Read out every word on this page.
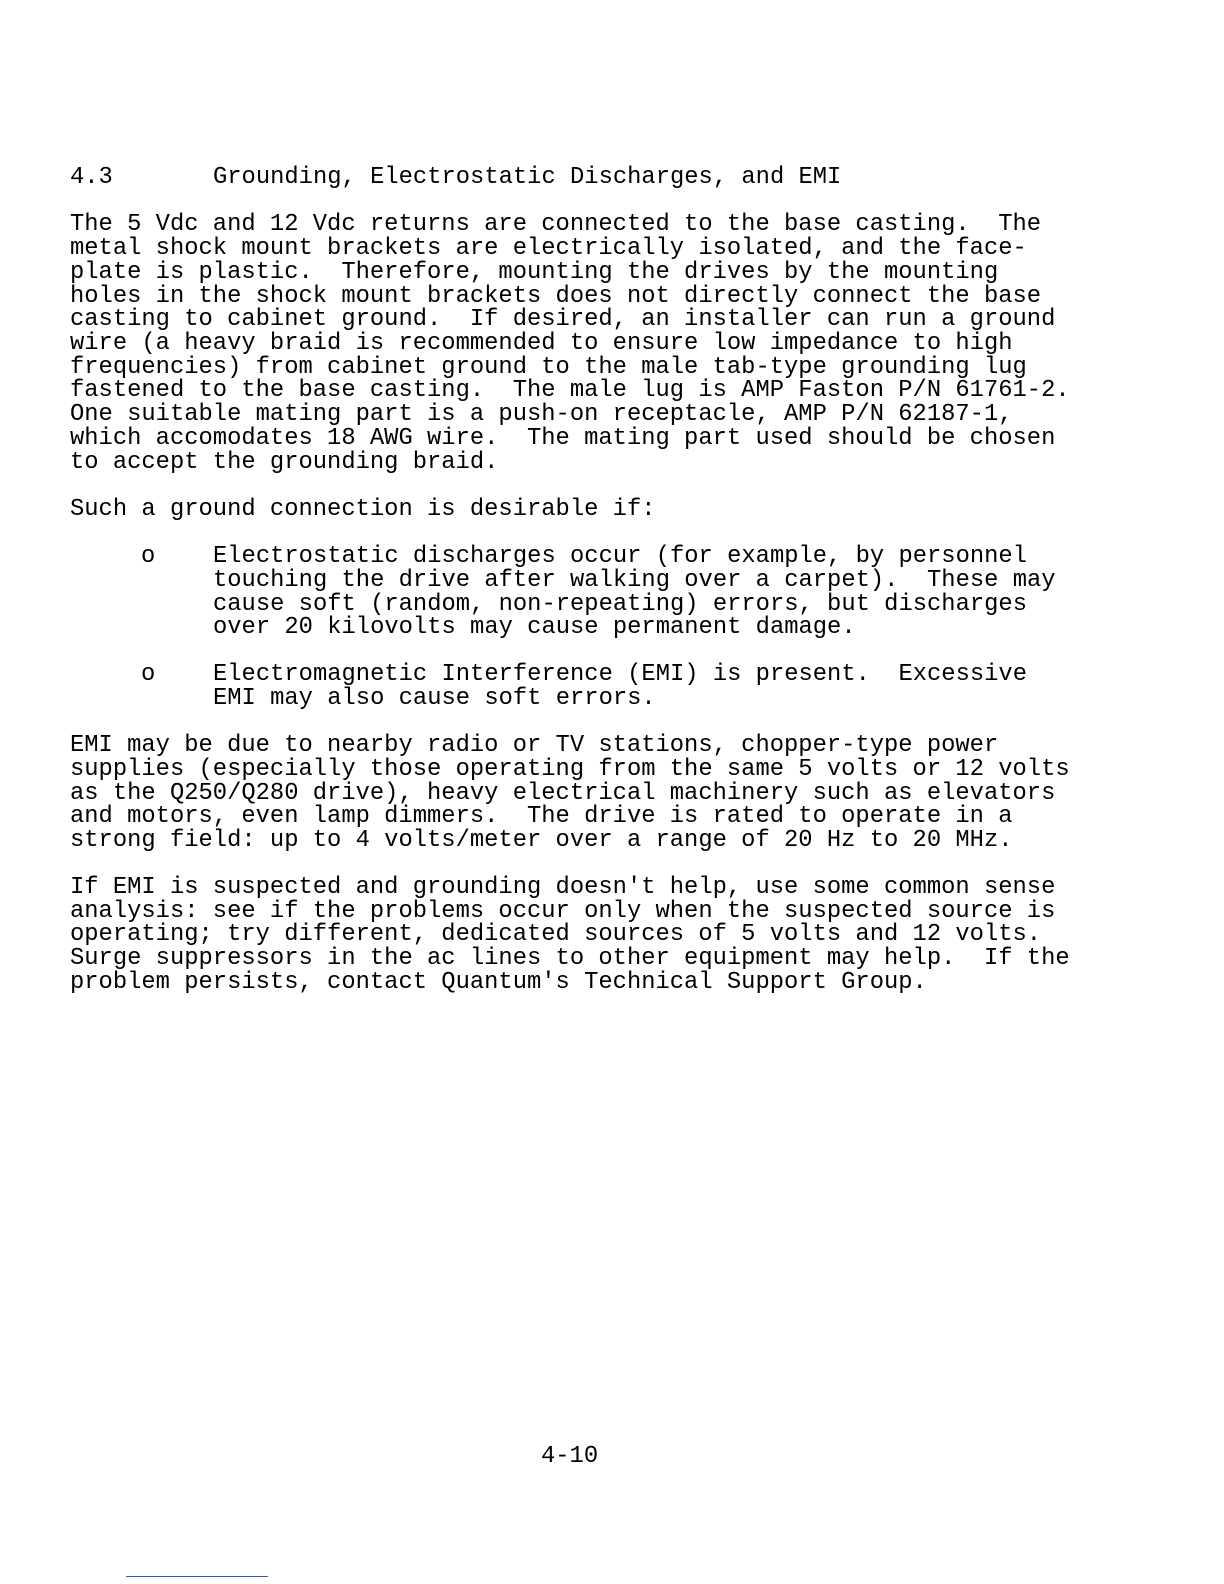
4.3	Grounding, Electrostatic Discharges, and EMI
The 5 Vdc and 12 Vdc returns are connected to the base casting.  The
metal shock mount brackets are electrically isolated, and the face-
plate is plastic.  Therefore, mounting the drives by the mounting
holes in the shock mount brackets does not directly connect the base
casting to cabinet ground.  If desired, an installer can run a ground
wire (a heavy braid is recommended to ensure low impedance to high
frequencies) from cabinet ground to the male tab-type grounding lug
fastened to the base casting.  The male lug is AMP Faston P/N 61761-2.
One suitable mating part is a push-on receptacle, AMP P/N 62187-1,
which accomodates 18 AWG wire.  The mating part used should be chosen
to accept the grounding braid.
Such a ground connection is desirable if:
o Electrostatic discharges occur (for example, by personnel
touching the drive after walking over a carpet).  These may
cause soft (random, non-repeating) errors, but discharges
over 20 kilovolts may cause permanent damage.
o Electromagnetic Interference (EMI) is present.  Excessive
EMI may also cause soft errors.
EMI may be due to nearby radio or TV stations, chopper-type power
supplies (especially those operating from the same 5 volts or 12 volts
as the Q250/Q280 drive), heavy electrical machinery such as elevators
and motors, even lamp dimmers.  The drive is rated to operate in a
strong field: up to 4 volts/meter over a range of 20 Hz to 20 MHz.
If EMI is suspected and grounding doesn't help, use some common sense
analysis: see if the problems occur only when the suspected source is
operating; try different, dedicated sources of 5 volts and 12 volts.
Surge suppressors in the ac lines to other equipment may help.  If the
problem persists, contact Quantum's Technical Support Group.
4-10
